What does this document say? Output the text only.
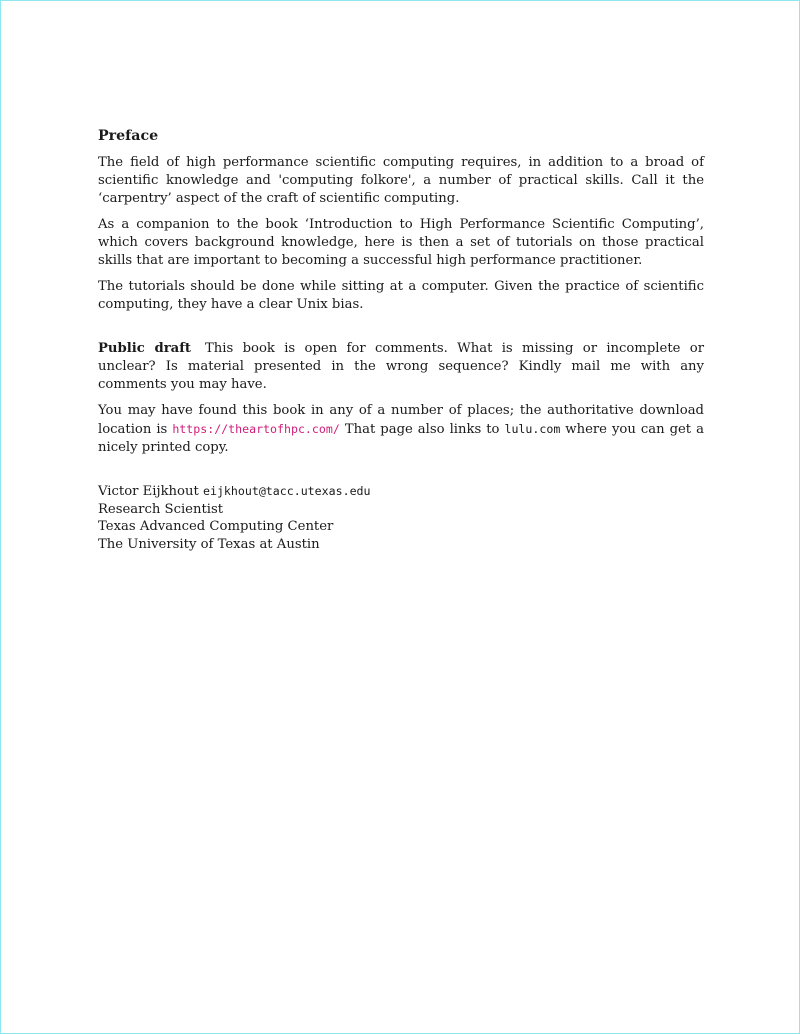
Preface

The field of high performance scientific computing requires, in addition to a broad of scientific knowledge and 'computing folkore', a number of practical skills. Call it the ‘carpentry’ aspect of the craft of scientific computing.

As a companion to the book ‘Introduction to High Performance Scientific Computing’, which covers background knowledge, here is then a set of tutorials on those practical skills that are important to becoming a successful high performance practitioner.

The tutorials should be done while sitting at a computer. Given the practice of scientific computing, they have a clear Unix bias.

Public draft This book is open for comments. What is missing or incomplete or unclear? Is material presented in the wrong sequence? Kindly mail me with any comments you may have.

You may have found this book in any of a number of places; the authoritative download location is https://theartofhpc.com/ That page also links to lulu.com where you can get a nicely printed copy.

Victor Eijkhout eijkhout@tacc.utexas.edu
Research Scientist
Texas Advanced Computing Center
The University of Texas at Austin
